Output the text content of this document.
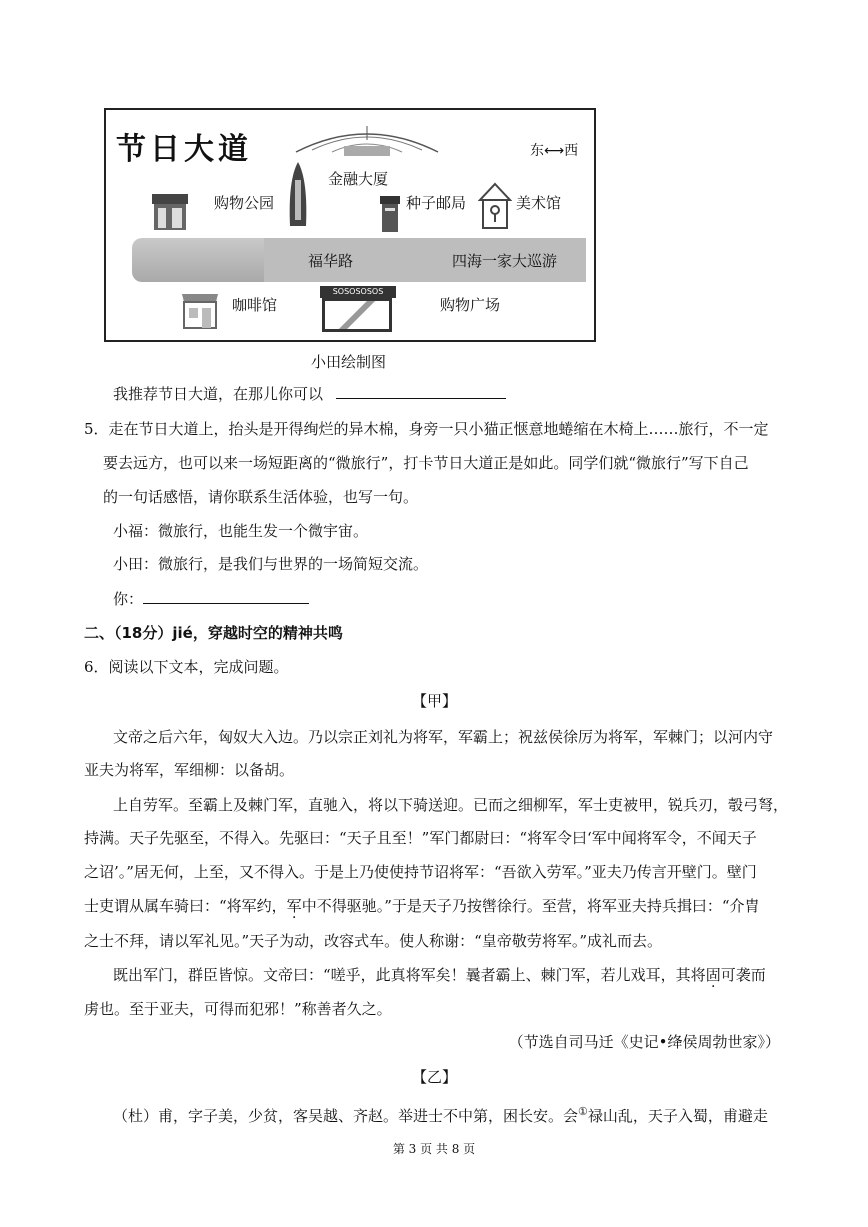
节日大道	东⟷西
购物公园
金融大厦
种子邮局	美术馆
福华路	四海一家大巡游
咖啡馆
SOSOSOSOS
购物广场
小田绘制图
我推荐节日大道，在那儿你可以
5．走在节日大道上，抬头是开得绚烂的异木棉，身旁一只小猫正惬意地蜷缩在木椅上……旅行，不一定
要去远方，也可以来一场短距离的“微旅行”，打卡节日大道正是如此。同学们就“微旅行”写下自己
的一句话感悟，请你联系生活体验，也写一句。
小福：微旅行，也能生发一个微宇宙。
小田：微旅行，是我们与世界的一场简短交流。
你：
二、（18分）jié，穿越时空的精神共鸣
6．阅读以下文本，完成问题。
【甲】
文帝之后六年，匈奴大入边。乃以宗正刘礼为将军，军霸上；祝兹侯徐厉为将军，军棘门；以河内守
亚夫为将军，军细柳：以备胡。
上自劳军。至霸上及棘门军，直驰入，将以下骑送迎。已而之细柳军，军士吏被甲，锐兵刃，彀弓弩，
持满。天子先驱至，不得入。先驱曰：“天子且至！”军门都尉曰：“将军令曰‘军中闻将军令，不闻天子
之诏’。”居无何，上至，又不得入。于是上乃使使持节诏将军：“吾欲入劳军。”亚夫乃传言开壁门。壁门
士吏谓从属车骑曰：“将军约，军中不得驱驰。”于是天子乃按辔徐行。至营，将军亚夫持兵揖曰：“介胄
之士不拜，请以军礼见。”天子为动，改容式车。使人称谢：“皇帝敬劳将军。”成礼而去。
既出军门，群臣皆惊。文帝曰：“嗟乎，此真将军矣！曩者霸上、棘门军，若儿戏耳，其将固可袭而
虏也。至于亚夫，可得而犯邪！”称善者久之。
（节选自司马迁《史记•绛侯周勃世家》）
【乙】
（杜）甫，字子美，少贫，客吴越、齐赵。举进士不中第，困长安。会①禄山乱，天子入蜀，甫避走
第 3 页 共 8 页
